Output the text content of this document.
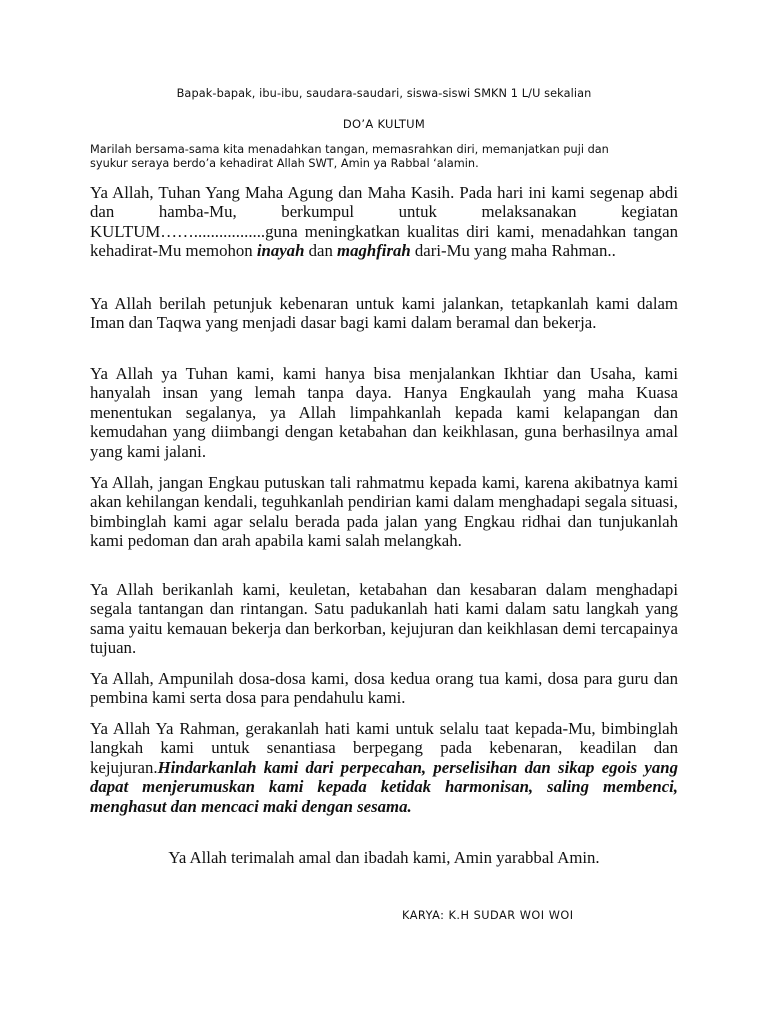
Bapak-bapak, ibu-ibu, saudara-saudari, siswa-siswi SMKN 1 L/U sekalian
DO’A KULTUM
Marilah bersama-sama kita menadahkan tangan, memasrahkan diri, memanjatkan puji dan syukur seraya berdo’a kehadirat Allah SWT, Amin ya Rabbal ‘alamin.
Ya Allah, Tuhan Yang Maha Agung dan Maha Kasih. Pada hari ini kami segenap abdi dan hamba-Mu, berkumpul untuk melaksanakan kegiatan KULTUM…….................guna meningkatkan kualitas diri kami, menadahkan tangan kehadirat-Mu memohon inayah dan maghfirah dari-Mu yang maha Rahman..
Ya Allah berilah petunjuk kebenaran untuk kami jalankan, tetapkanlah kami dalam Iman dan Taqwa yang menjadi dasar bagi kami dalam beramal dan bekerja.
Ya Allah ya Tuhan kami, kami hanya bisa menjalankan Ikhtiar dan Usaha, kami hanyalah insan yang lemah tanpa daya. Hanya Engkaulah yang maha Kuasa menentukan segalanya, ya Allah limpahkanlah kepada kami kelapangan dan kemudahan yang diimbangi dengan ketabahan dan keikhlasan, guna berhasilnya amal yang kami jalani.
Ya Allah, jangan Engkau putuskan tali rahmatmu kepada kami, karena akibatnya kami akan kehilangan kendali, teguhkanlah pendirian kami dalam menghadapi segala situasi, bimbinglah kami agar selalu berada pada jalan yang Engkau ridhai dan tunjukanlah kami pedoman dan arah apabila kami salah melangkah.
Ya Allah berikanlah kami, keuletan, ketabahan dan kesabaran dalam menghadapi segala tantangan dan rintangan. Satu padukanlah hati kami dalam satu langkah yang sama yaitu kemauan bekerja dan berkorban, kejujuran dan keikhlasan demi tercapainya tujuan.
Ya Allah, Ampunilah dosa-dosa kami, dosa kedua orang tua kami, dosa para guru dan pembina kami serta dosa para pendahulu kami.
Ya Allah Ya Rahman, gerakanlah hati kami untuk selalu taat kepada-Mu, bimbinglah langkah kami untuk senantiasa berpegang pada kebenaran, keadilan dan kejujuran.Hindarkanlah kami dari perpecahan, perselisihan dan sikap egois yang dapat menjerumuskan kami kepada ketidak harmonisan, saling membenci, menghasut dan mencaci maki dengan sesama.
Ya Allah terimalah amal dan ibadah kami, Amin yarabbal Amin.
KARYA: K.H SUDAR WOI WOI
